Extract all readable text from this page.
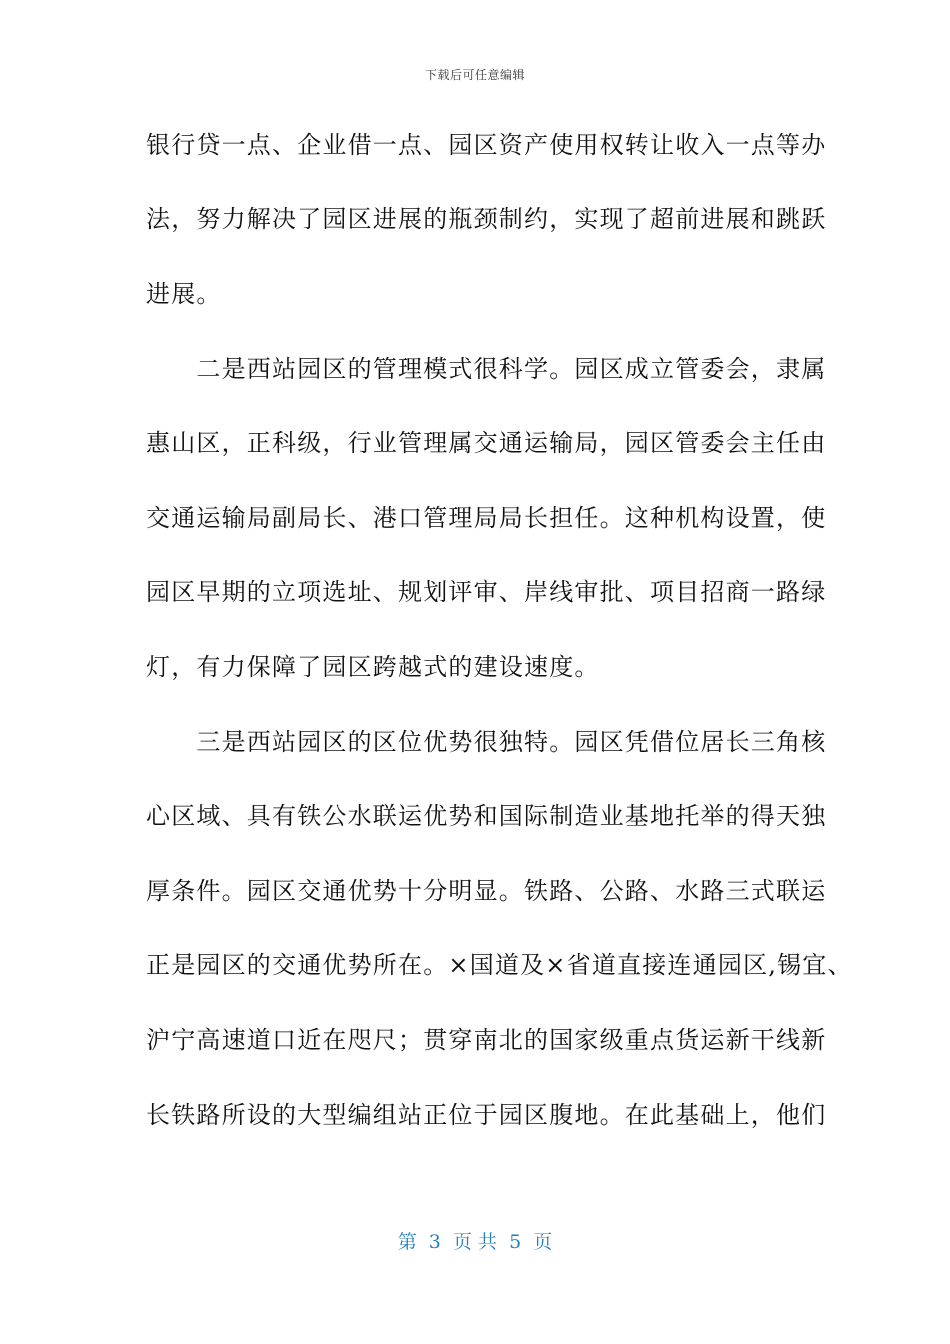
下载后可任意编辑
银行贷一点、企业借一点、园区资产使用权转让收入一点等办
法，努力解决了园区进展的瓶颈制约，实现了超前进展和跳跃
进展。
　　二是西站园区的管理模式很科学。园区成立管委会，隶属
惠山区，正科级，行业管理属交通运输局，园区管委会主任由
交通运输局副局长、港口管理局局长担任。这种机构设置，使
园区早期的立项选址、规划评审、岸线审批、项目招商一路绿
灯，有力保障了园区跨越式的建设速度。
　　三是西站园区的区位优势很独特。园区凭借位居长三角核
心区域、具有铁公水联运优势和国际制造业基地托举的得天独
厚条件。园区交通优势十分明显。铁路、公路、水路三式联运
正是园区的交通优势所在。×国道及×省道直接连通园区,锡宜、
沪宁高速道口近在咫尺；贯穿南北的国家级重点货运新干线新
长铁路所设的大型编组站正位于园区腹地。在此基础上，他们
第  3  页 共  5  页
